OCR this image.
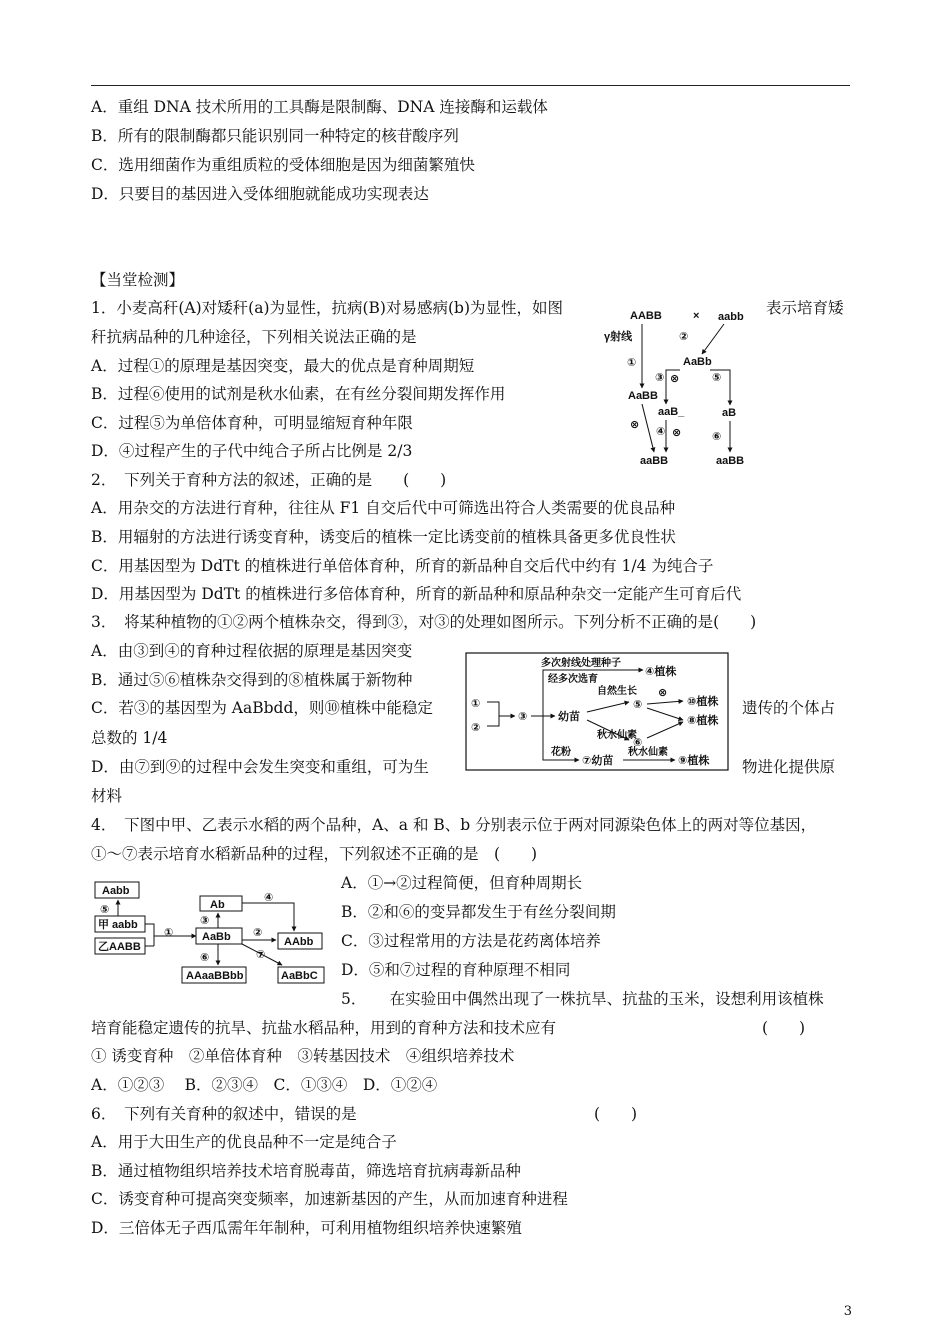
A．重组 DNA 技术所用的工具酶是限制酶、DNA 连接酶和运载体
B．所有的限制酶都只能识别同一种特定的核苷酸序列
C．选用细菌作为重组质粒的受体细胞是因为细菌繁殖快
D．只要目的基因进入受体细胞就能成功实现表达
【当堂检测】
1．小麦高秆(A)对矮秆(a)为显性，抗病(B)对易感病(b)为显性，如图	表示培育矮
秆抗病品种的几种途径，下列相关说法正确的是
A．过程①的原理是基因突变，最大的优点是育种周期短
B．过程⑥使用的试剂是秋水仙素，在有丝分裂间期发挥作用
C．过程⑤为单倍体育种，可明显缩短育种年限
D．④过程产生的子代中纯合子所占比例是 2/3
AABB	× aabb
γ射线	②
AaBb
①
③ ⊗	⑤
AaBB
aaB_	aB
⊗
④ ⊗	⑥
aaBB	aaBB
2．　下列关于育种方法的叙述，正确的是　　(　　)
A．用杂交的方法进行育种，往往从 F1 自交后代中可筛选出符合人类需要的优良品种
B．用辐射的方法进行诱变育种，诱变后的植株一定比诱变前的植株具备更多优良性状
C．用基因型为 DdTt 的植株进行单倍体育种，所育的新品种自交后代中约有 1/4 为纯合子
D．用基因型为 DdTt 的植株进行多倍体育种，所育的新品种和原品种杂交一定能产生可育后代
3．　将某种植物的①②两个植株杂交，得到③，对③的处理如图所示。下列分析不正确的是(　　)
A．由③到④的育种过程依据的原理是基因突变
B．通过⑤⑥植株杂交得到的⑧植株属于新物种
C．若③的基因型为 AaBbdd，则⑩植株中能稳定	遗传的个体占
总数的 1/4
D．由⑦到⑨的过程中会发生突变和重组，可为生	物进化提供原
材料
①
②
③
多次射线处理种子
经多次选育
④植株
幼苗
自然生长
⑤
⊗
⑩植株
⑧植株
秋水仙素
⑥
花粉
⑦幼苗
秋水仙素
⑨植株
4．　下图中甲、乙表示水稻的两个品种，A、a 和 B、b 分别表示位于两对同源染色体上的两对等位基因，
①～⑦表示培育水稻新品种的过程，下列叙述不正确的是　(　　)
A．①→②过程简便，但育种周期长
B．②和⑥的变异都发生于有丝分裂间期
C．③过程常用的方法是花药离体培养
D．⑤和⑦过程的育种原理不相同
Aabb
⑤
甲 aabb
乙AABB
①
Ab
④
③
②
AaBb	AAbb
⑥	⑦
AAaaBBbb	AaBbC
5．　　在实验田中偶然出现了一株抗旱、抗盐的玉米，设想利用该植株
培育能稳定遗传的抗旱、抗盐水稻品种，用到的育种方法和技术应有	(　　)
① 诱变育种　②单倍体育种　③转基因技术　④组织培养技术
A．①②③　 B．②③④　C．①③④　D．①②④
6．　下列有关育种的叙述中，错误的是	(　　)
A．用于大田生产的优良品种不一定是纯合子
B．通过植物组织培养技术培育脱毒苗，筛选培育抗病毒新品种
C．诱变育种可提高突变频率，加速新基因的产生，从而加速育种进程
D．三倍体无子西瓜需年年制种，可利用植物组织培养快速繁殖
3
